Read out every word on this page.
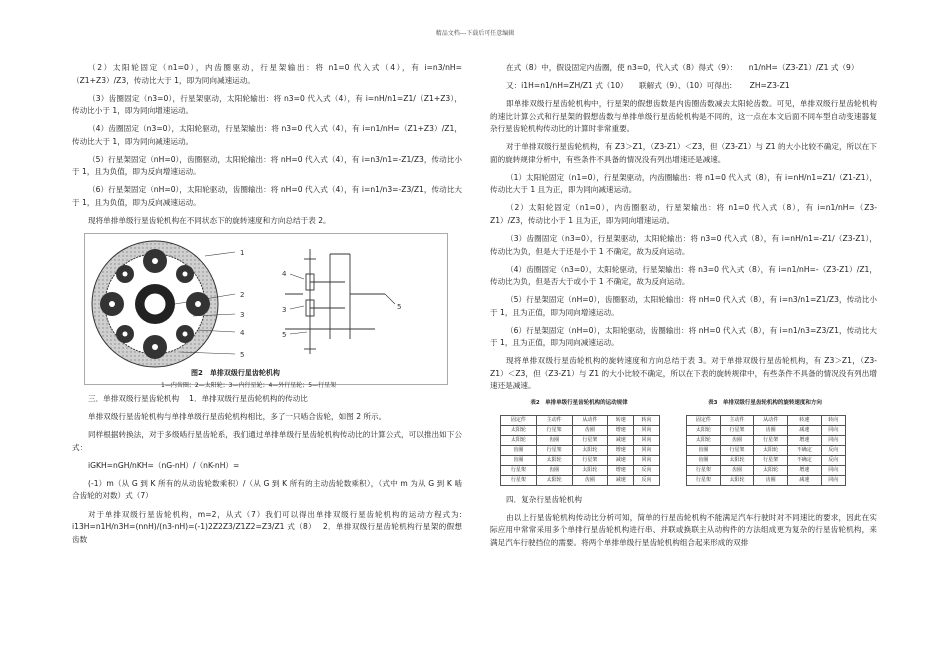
精品文档---下载后可任意编辑

（2）太阳轮固定（n1=0），内齿圈驱动，行星架输出：将 n1=0 代入式（4），有 i=n3/nH=（Z1+Z3）/Z3，传动比大于 1，即为同向减速运动。

（3）齿圈固定（n3=0），行星架驱动，太阳轮输出：将 n3=0 代入式（4），有 i=nH/n1=Z1/（Z1+Z3），传动比小于 1，即为同向增速运动。

（4）齿圈固定（n3=0），太阳轮驱动，行星架输出：将 n3=0 代入式（4），有 i=n1/nH=（Z1+Z3）/Z1，传动比大于 1，即为同向减速运动。

（5）行星架固定（nH=0），齿圈驱动，太阳轮输出：将 nH=0 代入式（4），有 i=n3/n1=-Z1/Z3，传动比小于 1，且为负值，即为反向增速运动。

（6）行星架固定（nH=0），太阳轮驱动，齿圈输出：将 nH=0 代入式（4），有 i=n1/n3=-Z3/Z1，传动比大于 1，且为负值，即为反向减速运动。

现将单排单级行星齿轮机构在不同状态下的旋转速度和方向总结于表 2。

1
2
3
4
5
4
3
5
5
图2　单排双级行星齿轮机构
1—内齿圈；2—太阳轮；3—内行星轮；4—外行星轮；5—行星架

三．单排双级行星齿轮机构　 1．单排双级行星齿轮机构的传动比

单排双级行星齿轮机构与单排单级行星齿轮机构相比，多了一只啮合齿轮，如图 2 所示。

同样根据转换法，对于多级啮行星齿轮系，我们通过单排单级行星齿轮机构传动比的计算公式，可以推出如下公式：

iGKH=nGH/nKH=（nG-nH）/（nK-nH）=

(-1）m（从 G 到 K 所有的从动齿轮数乘积）/（从 G 到 K 所有的主动齿轮数乘积），（式中 m 为从 G 到 K 啮合齿轮的对数）式（7）

对于单排双级行星齿轮机构，m=2，从式（7）我们可以得出单排双级行星齿轮机构的运动方程式为:　　i13H=n1H/n3H=(nnH)/(n3-nH)=(-1)2Z2Z3/Z1Z2=Z3/Z1 式（8）　 2．单排双级行星齿轮机构行星架的假想齿数

在式（8）中，假设固定内齿圈，使 n3=0，代入式（8）得式（9）：　　n1/nH=（Z3-Z1）/Z1 式（9）

又：i1H=n1/nH=ZH/Z1 式（10）　　联解式（9）、（10）可得出:　　 ZH=Z3-Z1

即单排双级行星齿轮机构中，行星架的假想齿数是内齿圈齿数减去太阳轮齿数。可见，单排双级行星齿轮机构的速比计算公式和行星架的假想齿数与单排单级行星齿轮机构是不同的，这一点在本文后面不同车型自动变速器复杂行星齿轮机构传动比的计算时非常重要。

对于单排双级行星齿轮机构，有 Z3＞Z1，（Z3-Z1）＜Z3，但（Z3-Z1）与 Z1 的大小比较不确定，所以在下面的旋转规律分析中，有些条件不具备的情况没有列出增速还是减速。

（1）太阳轮固定（n1=0），行星架驱动，内齿圈输出：将 n1=0 代入式（8），有 i=nH/n1=Z1/（Z1-Z1），传动比大于 1 且为正，即为同向减速运动。

（2）太阳轮固定（n1=0），内齿圈驱动，行星架输出：将 n1=0 代入式（8），有 i=n1/nH=（Z3-Z1）/Z3，传动比小于 1 且为正，即为同向增速运动。

（3）齿圈固定（n3=0），行星架驱动，太阳轮输出：将 n3=0 代入式（8），有 i=nH/n1=-Z1/（Z3-Z1），传动比为负，但是大于还是小于 1 不确定，故为反向运动。

（4）齿圈固定（n3=0），太阳轮驱动，行星架输出：将 n3=0 代入式（8），有 i=n1/nH=-（Z3-Z1）/Z1，传动比为负，但是否大于或小于 1 不确定，故为反向运动。

（5）行星架固定（nH=0），齿圈驱动，太阳轮输出：将 nH=0 代入式（8），有 i=n3/n1=Z1/Z3，传动比小于 1，且为正值，即为同向增速运动。

（6）行星架固定（nH=0），太阳轮驱动，齿圈输出：将 nH=0 代入式（8），有 i=n1/n3=Z3/Z1，传动比大于 1，且为正值，即为同向减速运动。

现将单排双级行星齿轮机构的旋转速度和方向总结于表 3。对于单排双级行星齿轮机构，有 Z3＞Z1，（Z3-Z1）＜Z3，但（Z3-Z1）与 Z1 的大小比较不确定，所以在下表的旋转规律中，有些条件不具备的情况没有列出增速还是减速。

表2　单排单级行星齿轮机构的运动规律
固定件	主动件	从动件	转速	转向
太阳轮	行星架	齿圈	增速	同向
太阳轮	齿圈	行星架	减速	同向
齿圈	行星架	太阳轮	增速	同向
齿圈	太阳轮	行星架	减速	同向
行星架	齿圈	太阳轮	增速	反向
行星架	太阳轮	齿圈	减速	反向
表3　单排双级行星齿轮机构的旋转速度和方向
固定件	主动件	从动件	转速	转向
太阳轮	行星架	齿圈	减速	同向
太阳轮	齿圈	行星架	增速	同向
齿圈	行星架	太阳轮	不确定	反向
齿圈	太阳轮	行星架	不确定	反向
行星架	齿圈	太阳轮	增速	同向
行星架	太阳轮	齿圈	减速	同向

四．复杂行星齿轮机构

由以上行星齿轮机构传动比分析可知，简单的行星齿轮机构不能满足汽车行驶时对不同速比的要求，因此在实际应用中常常采用多个单排行星齿轮机构进行串、并联或换联主从动构件的方法组成更为复杂的行星齿轮机构，来满足汽车行驶挡位的需要。将两个单排单级行星齿轮机构组合起来形成的双排
